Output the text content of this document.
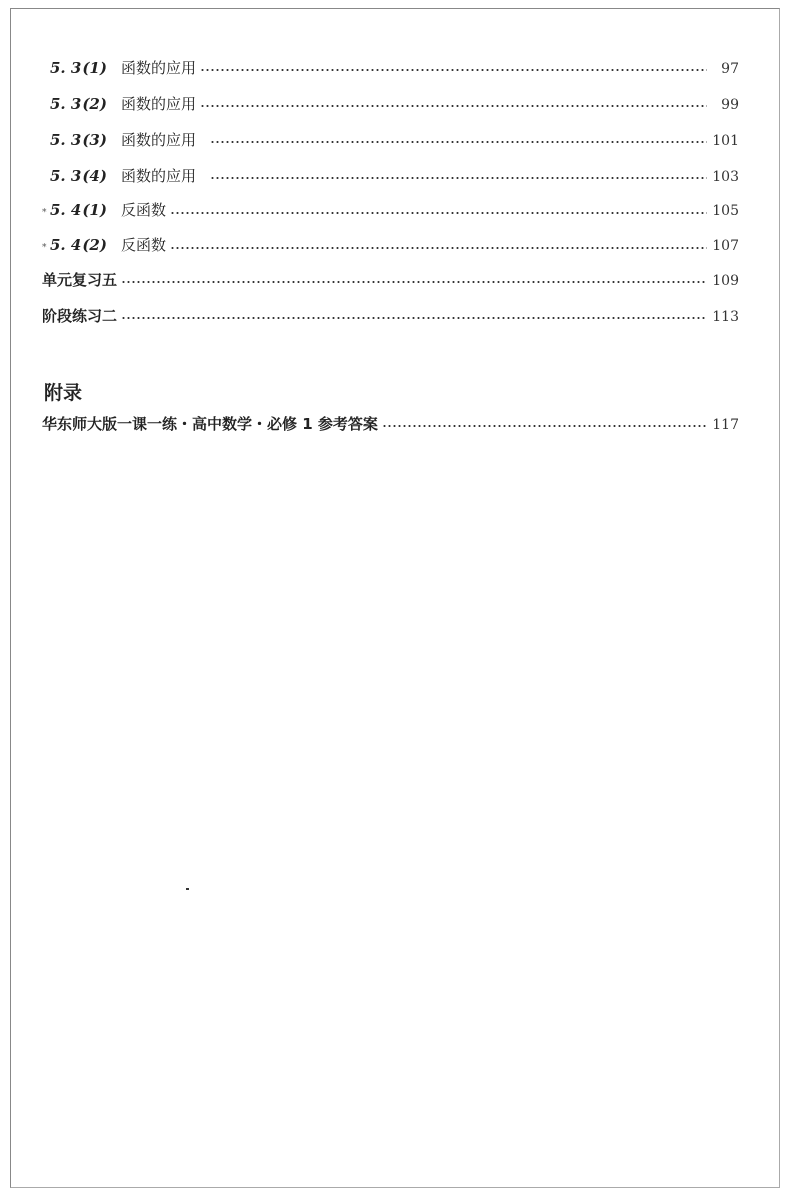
5. 3 (1) 函数的应用	97
5. 3 (2) 函数的应用	99
5. 3 (3) 函数的应用	101
5. 3 (4) 函数的应用	103
* 5. 4 (1) 反函数	105
* 5. 4 (2) 反函数	107
单元复习五	109
阶段练习二	113
附录
华东师大版一课一练・高中数学・必修 1 参考答案	117
